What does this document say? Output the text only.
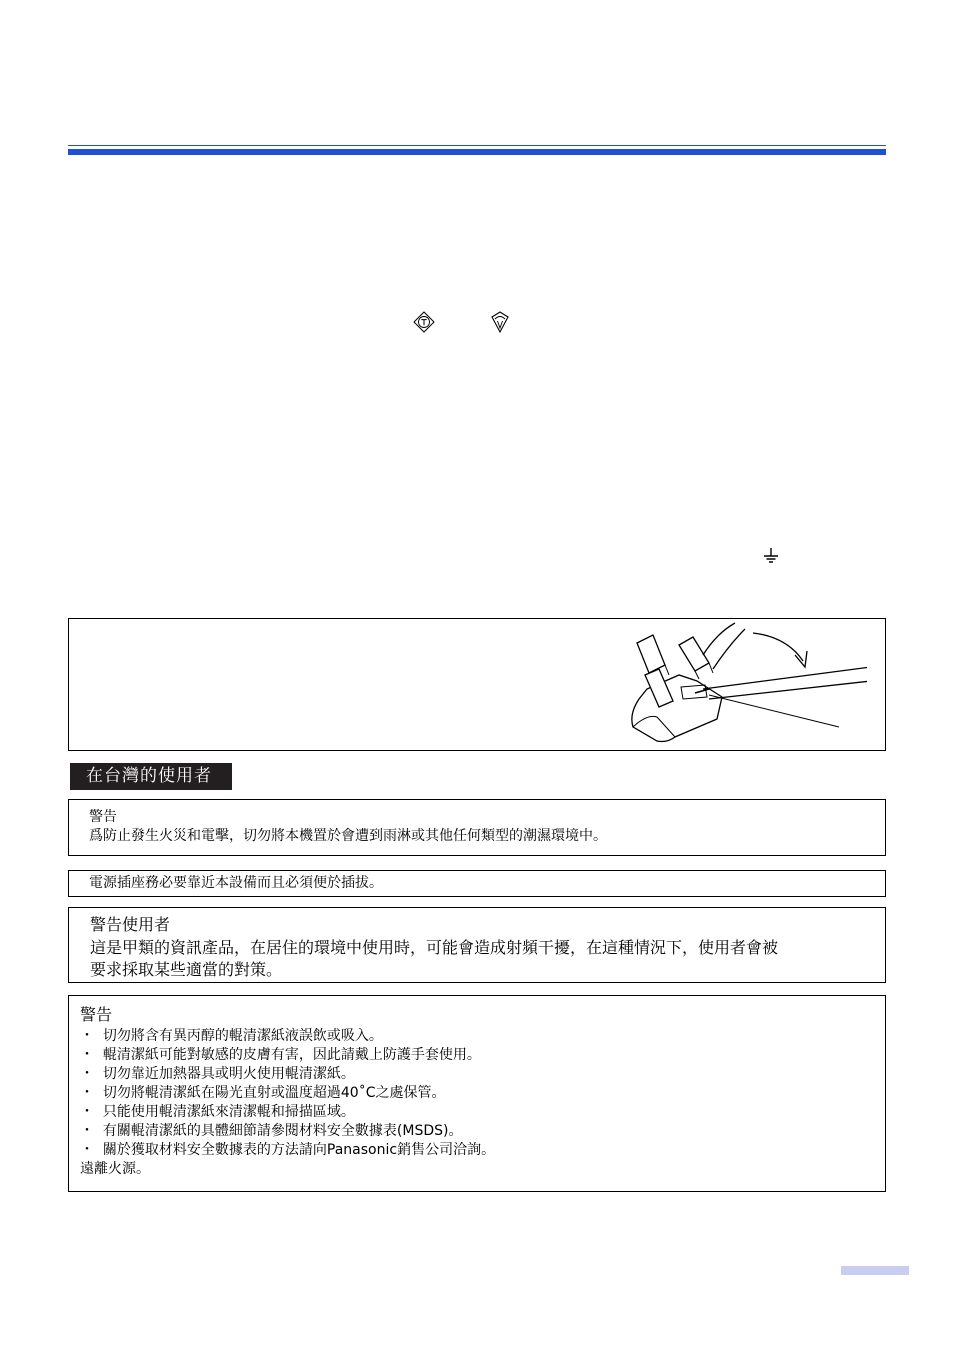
在台灣的使用者
警告
爲防止發生火災和電擊，切勿將本機置於會遭到雨淋或其他任何類型的潮濕環境中。
電源插座務必要靠近本設備而且必須便於插拔。
警告使用者
這是甲類的資訊產品，在居住的環境中使用時，可能會造成射頻干擾，在這種情況下，使用者會被
要求採取某些適當的對策。
警告
・ 切勿將含有異丙醇的輥清潔紙液誤飲或吸入。
・ 輥清潔紙可能對敏感的皮膚有害，因此請戴上防護手套使用。
・ 切勿靠近加熱器具或明火使用輥清潔紙。
・ 切勿將輥清潔紙在陽光直射或溫度超過40˚C之處保管。
・ 只能使用輥清潔紙來清潔輥和掃描區域。
・ 有關輥清潔紙的具體細節請參閱材料安全數據表(MSDS)。
・ 關於獲取材料安全數據表的方法請向Panasonic銷售公司洽詢。
遠離火源。
